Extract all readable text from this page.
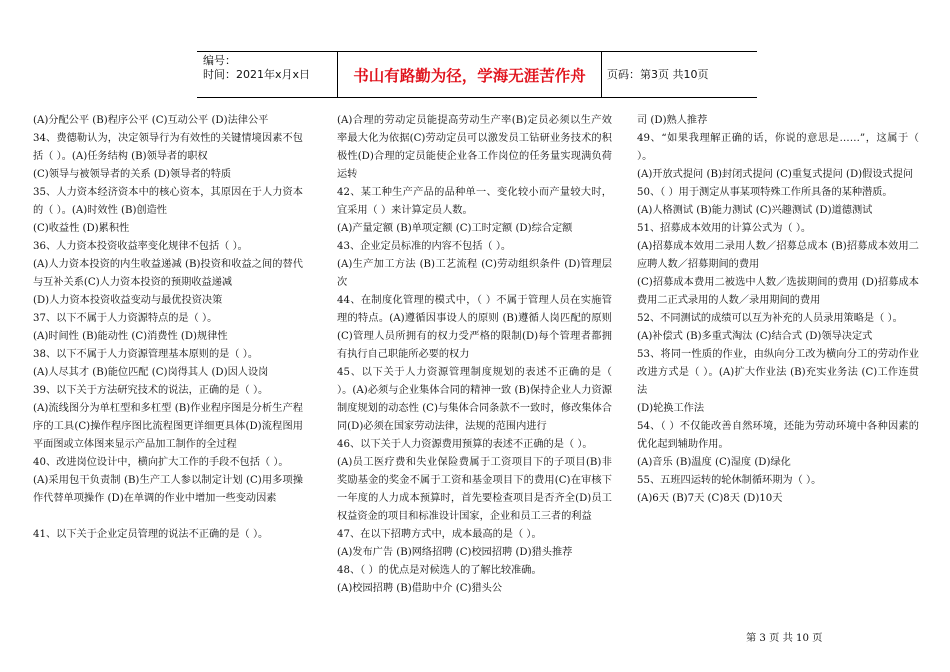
编号：
时间：2021年x月x日	书山有路勤为径，学海无涯苦作舟	页码：第3页 共10页

(A)分配公平 (B)程序公平 (C)互动公平 (D)法律公平

34、费德勒认为，决定领导行为有效性的关键情境因素不包括（ ）。(A)任务结构 (B)领导者的职权

(C)领导与被领导者的关系 (D)领导者的特质

35、人力资本经济资本中的核心资本，其原因在于人力资本的（ ）。(A)时效性 (B)创造性

(C)收益性 (D)累积性

36、人力资本投资收益率变化规律不包括（ ）。

(A)人力资本投资的内生收益递减 (B)投资和收益之间的替代与互补关系(C)人力资本投资的预期收益递减

(D)人力资本投资收益变动与最优投资决策

37、以下不属于人力资源特点的是（ ）。

(A)时间性 (B)能动性 (C)消费性 (D)规律性

38、以下不属于人力资源管理基本原则的是（ ）。

(A)人尽其才 (B)能位匹配 (C)岗得其人 (D)因人设岗

39、以下关于方法研究技术的说法，正确的是（ ）。

(A)流线图分为单杠型和多杠型 (B)作业程序图是分析生产程序的工具(C)操作程序图比流程图更详细更具体(D)流程图用平面图或立体图来显示产品加工制作的全过程

40、改进岗位设计中，横向扩大工作的手段不包括（ ）。

(A)采用包干负责制 (B)生产工人参以制定计划 (C)用多项操作代替单项操作 (D)在单调的作业中增加一些变动因素

41、以下关于企业定员管理的说法不正确的是（ ）。

(A)合理的劳动定员能提高劳动生产率(B)定员必须以生产效率最大化为依据(C)劳动定员可以激发员工钻研业务技术的积极性(D)合理的定员能使企业各工作岗位的任务量实现满负荷运转

42、某工种生产产品的品种单一、变化较小而产量较大时，宜采用（ ）来计算定员人数。

(A)产量定额 (B)单项定额 (C)工时定额 (D)综合定额

43、企业定员标准的内容不包括（ ）。

(A)生产加工方法 (B)工艺流程 (C)劳动组织条件 (D)管理层次

44、在制度化管理的模式中，（ ）不属于管理人员在实施管理的特点。(A)遵循因事设人的原则 (B)遵循人岗匹配的原则(C)管理人员所拥有的权力受严格的限制(D)每个管理者都拥有执行自己职能所必要的权力

45、以下关于人力资源管理制度规划的表述不正确的是（ ）。(A)必须与企业集体合同的精神一致 (B)保持企业人力资源制度规划的动态性 (C)与集体合同条款不一致时，修改集体合同(D)必须在国家劳动法律，法规的范围内进行

46、以下关于人力资源费用预算的表述不正确的是（ ）。

(A)员工医疗费和失业保险费属于工资项目下的子项目(B)非奖励基金的奖金不属于工资和基金项目下的费用(C)在审核下一年度的人力成本预算时，首先要检查项目是否齐全(D)员工权益资金的项目和标准设计国家，企业和员工三者的利益

47、在以下招聘方式中，成本最高的是（ ）。

(A)发布广告 (B)网络招聘 (C)校园招聘 (D)猎头推荐

48、（ ）的优点是对候选人的了解比较准确。

(A)校园招聘 (B)借助中介 (C)猎头公

司 (D)熟人推荐

49、“如果我理解正确的话，你说的意思是……”，这属于（ ）。

(A)开放式提问 (B)封闭式提问 (C)重复式提问 (D)假设式提问

50、（ ）用于测定从事某项特殊工作所具备的某种潜质。

(A)人格测试 (B)能力测试 (C)兴趣测试 (D)道德测试

51、招募成本效用的计算公式为（ ）。

(A)招募成本效用二录用人数／招募总成本 (B)招募成本效用二应聘人数／招募期间的费用

(C)招募成本费用二被选中人数／选拔期间的费用 (D)招募成本费用二正式录用的人数／录用期间的费用

52、不同测试的成绩可以互为补充的人员录用策略是（ ）。

(A)补偿式 (B)多重式淘汰 (C)结合式 (D)领导决定式

53、将同一性质的作业，由纵向分工改为横向分工的劳动作业改进方式是（ ）。(A)扩大作业法 (B)充实业务法 (C)工作连贯法

(D)轮换工作法

54、（ ）不仅能改善自然环境，还能为劳动环境中各种因素的优化起到辅助作用。

(A)音乐 (B)温度 (C)湿度 (D)绿化

55、五班四运转的轮休制循环期为（ ）。

(A)6天 (B)7天 (C)8天 (D)10天

第 3 页 共 10 页
